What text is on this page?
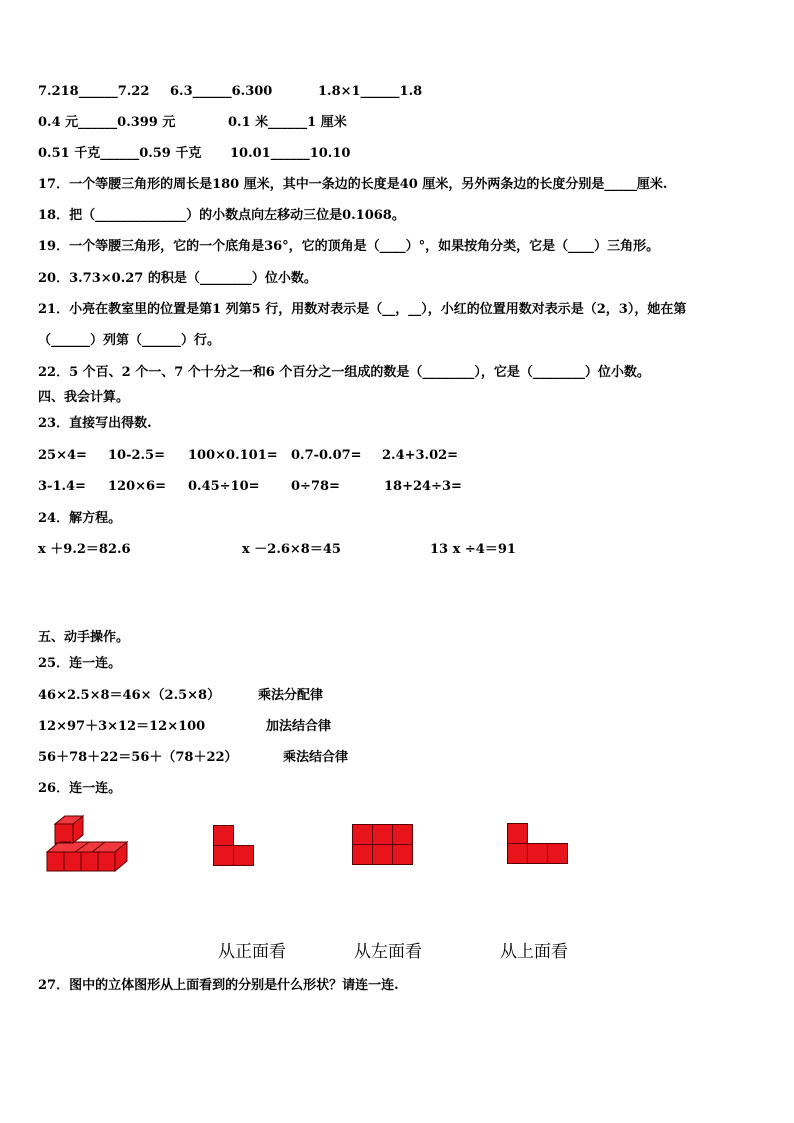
7.218______7.22 6.3______6.300	1.8×1______1.8
0.4 元______0.399 元	0.1 米______1 厘米
0.51 千克______0.59 千克 10.01______10.10
17．一个等腰三角形的周长是180 厘米，其中一条边的长度是40 厘米，另外两条边的长度分别是_____厘米.
18．把（______________）的小数点向左移动三位是0.1068。
19．一个等腰三角形，它的一个底角是36°，它的顶角是（____）°，如果按角分类，它是（____）三角形。
20．3.73×0.27 的积是（________）位小数。
21．小亮在教室里的位置是第1 列第5 行，用数对表示是（__，__），小红的位置用数对表示是（2，3），她在第
（______）列第（______）行。
22．5 个百、2 个一、7 个十分之一和6 个百分之一组成的数是（________），它是（________）位小数。
四、我会计算。
23．直接写出得数.
25×4= 10-2.5= 100×0.101= 0.7-0.07= 2.4+3.02=
3-1.4= 120×6= 0.45÷10= 0÷78=	18+24÷3=
24．解方程。
x ＋9.2＝82.6	x －2.6×8＝45	13 x ÷4＝91
五、动手操作。
25．连一连。
46×2.5×8＝46×（2.5×8）	乘法分配律
12×97＋3×12＝12×100	加法结合律
56＋78＋22＝56＋（78＋22）	乘法结合律
26．连一连。
从正面看	从左面看	从上面看
27．图中的立体图形从上面看到的分别是什么形状？请连一连.
